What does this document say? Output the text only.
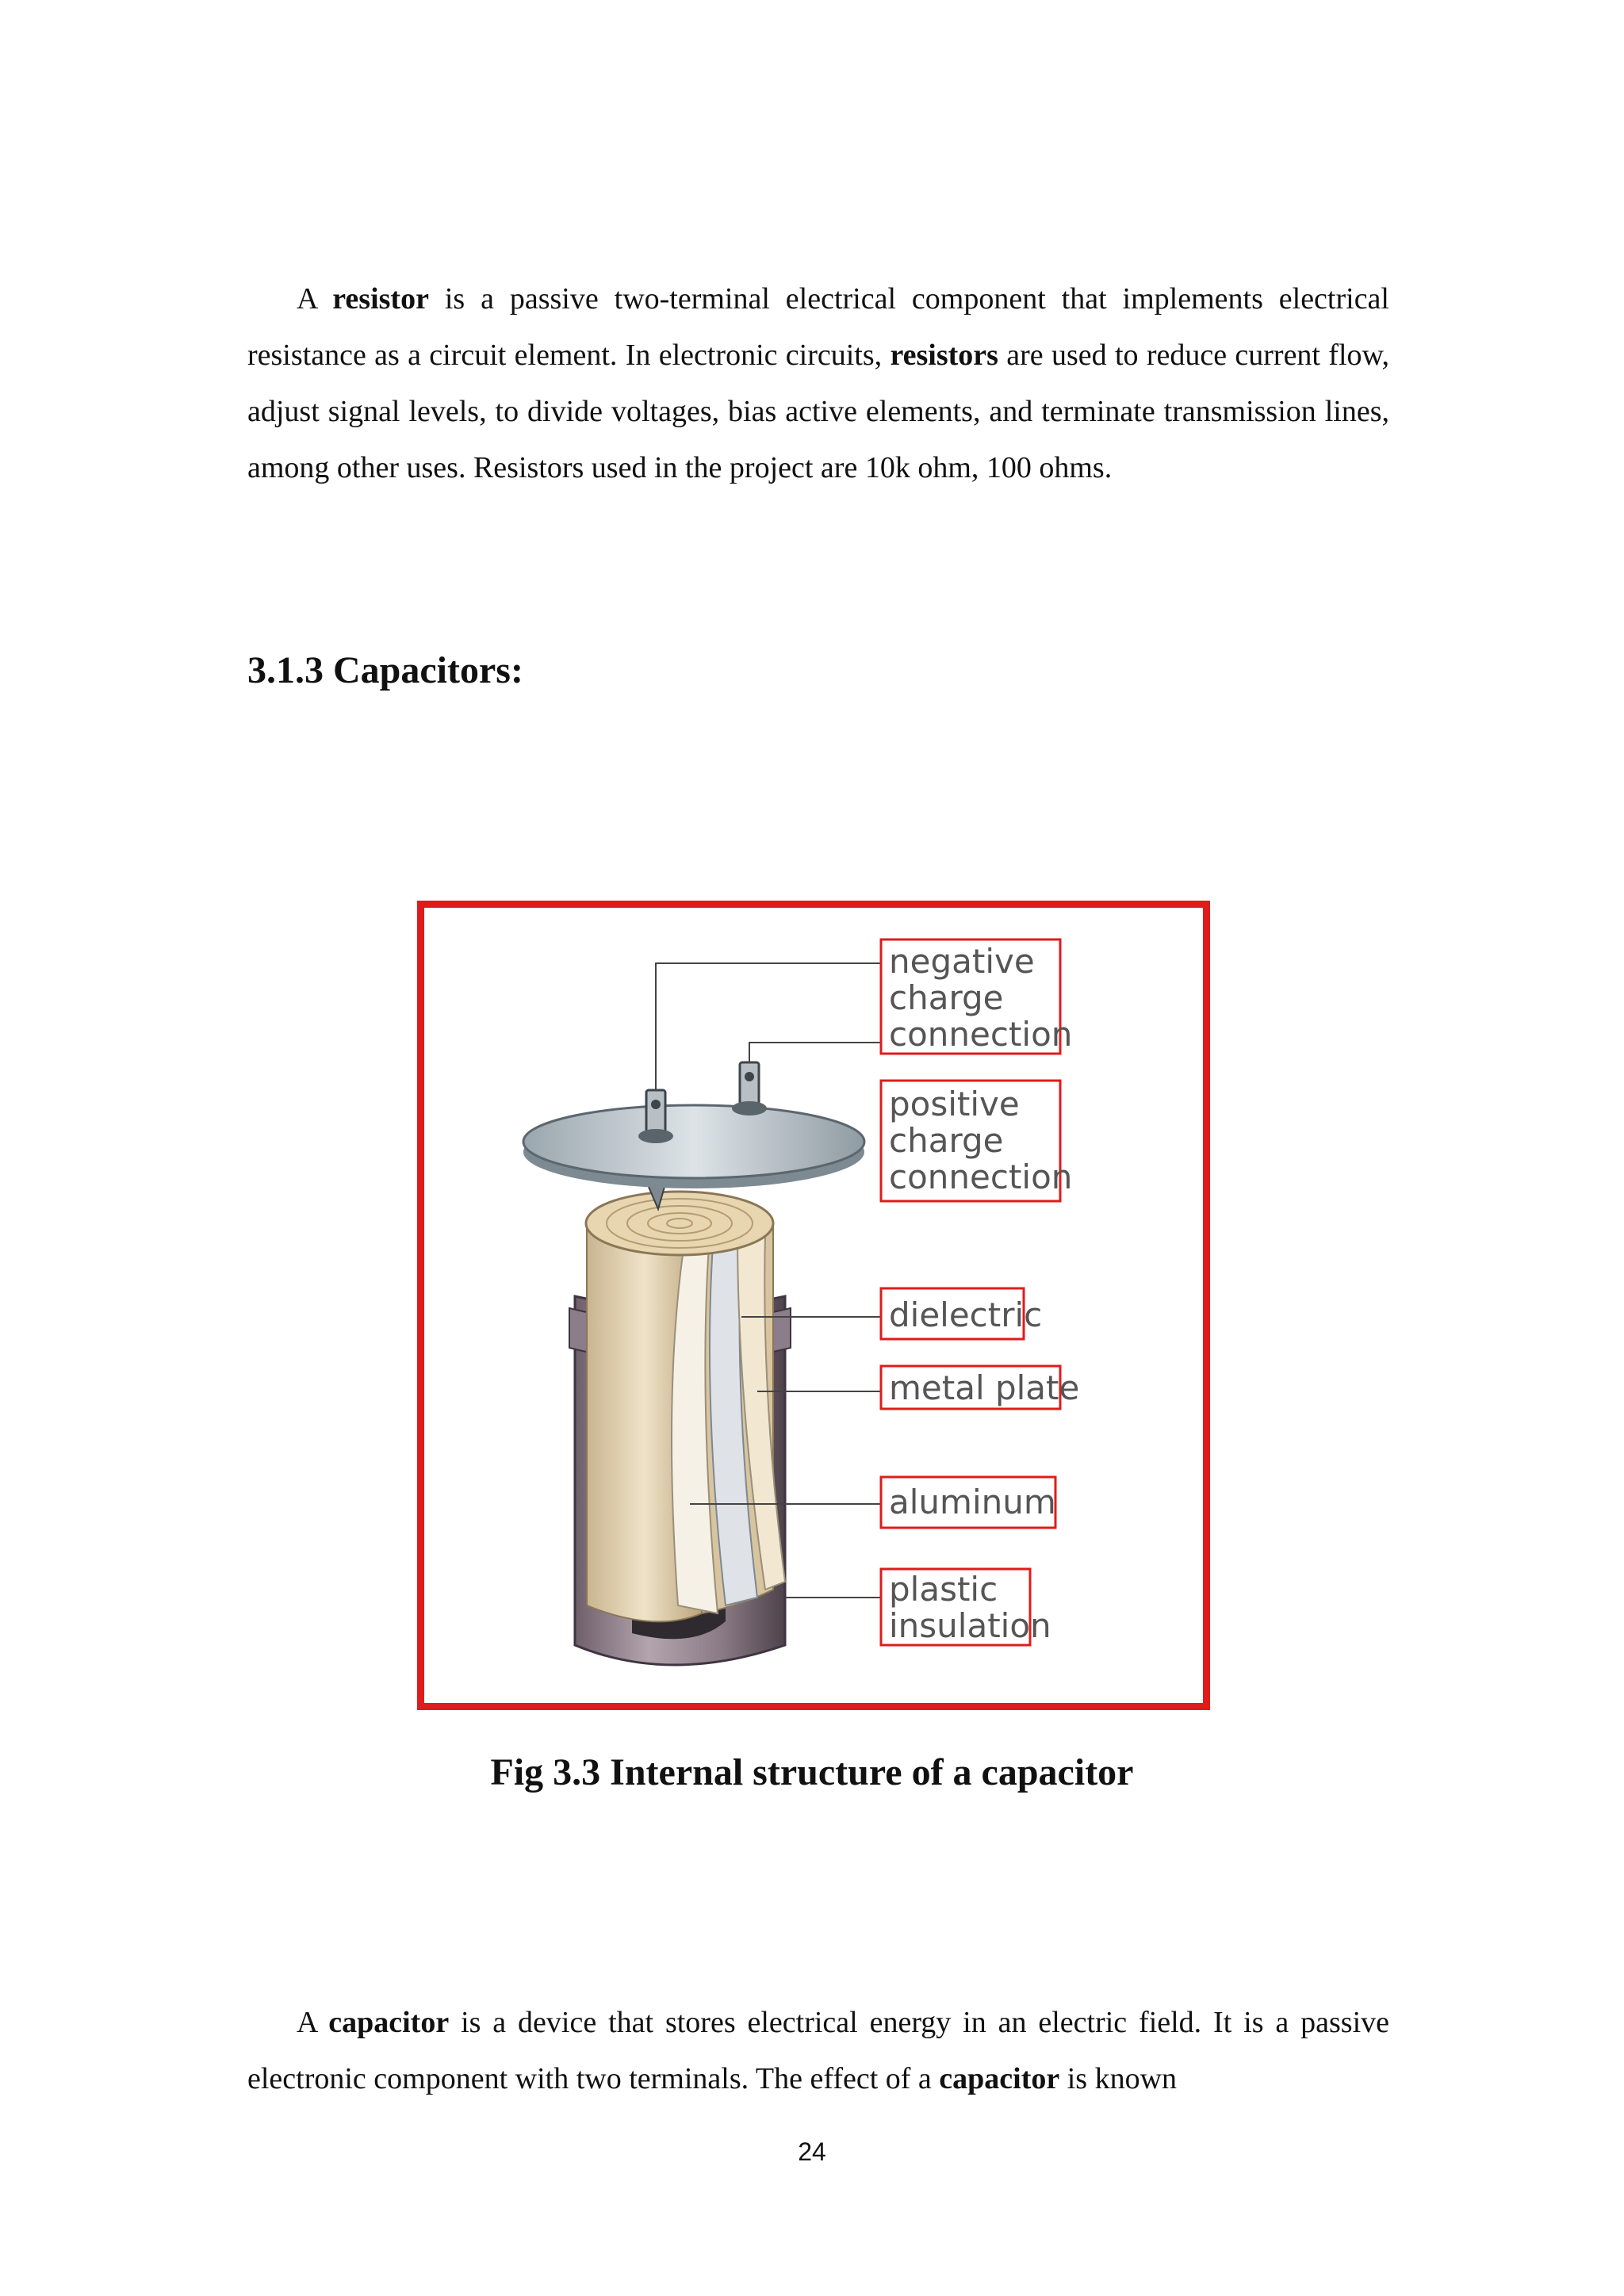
A resistor is a passive two-terminal electrical component that implements electrical resistance as a circuit element. In electronic circuits, resistors are used to reduce current flow, adjust signal levels, to divide voltages, bias active elements, and terminate transmission lines, among other uses. Resistors used in the project are 10k ohm, 100 ohms.

3.1.3 Capacitors:
negative
charge
connection
positive
charge
connection
dielectric
metal plate
aluminum
plastic
insulation

Fig 3.3 Internal structure of a capacitor

A capacitor is a device that stores electrical energy in an electric field. It is a passive electronic component with two terminals. The effect of a capacitor is known

24
